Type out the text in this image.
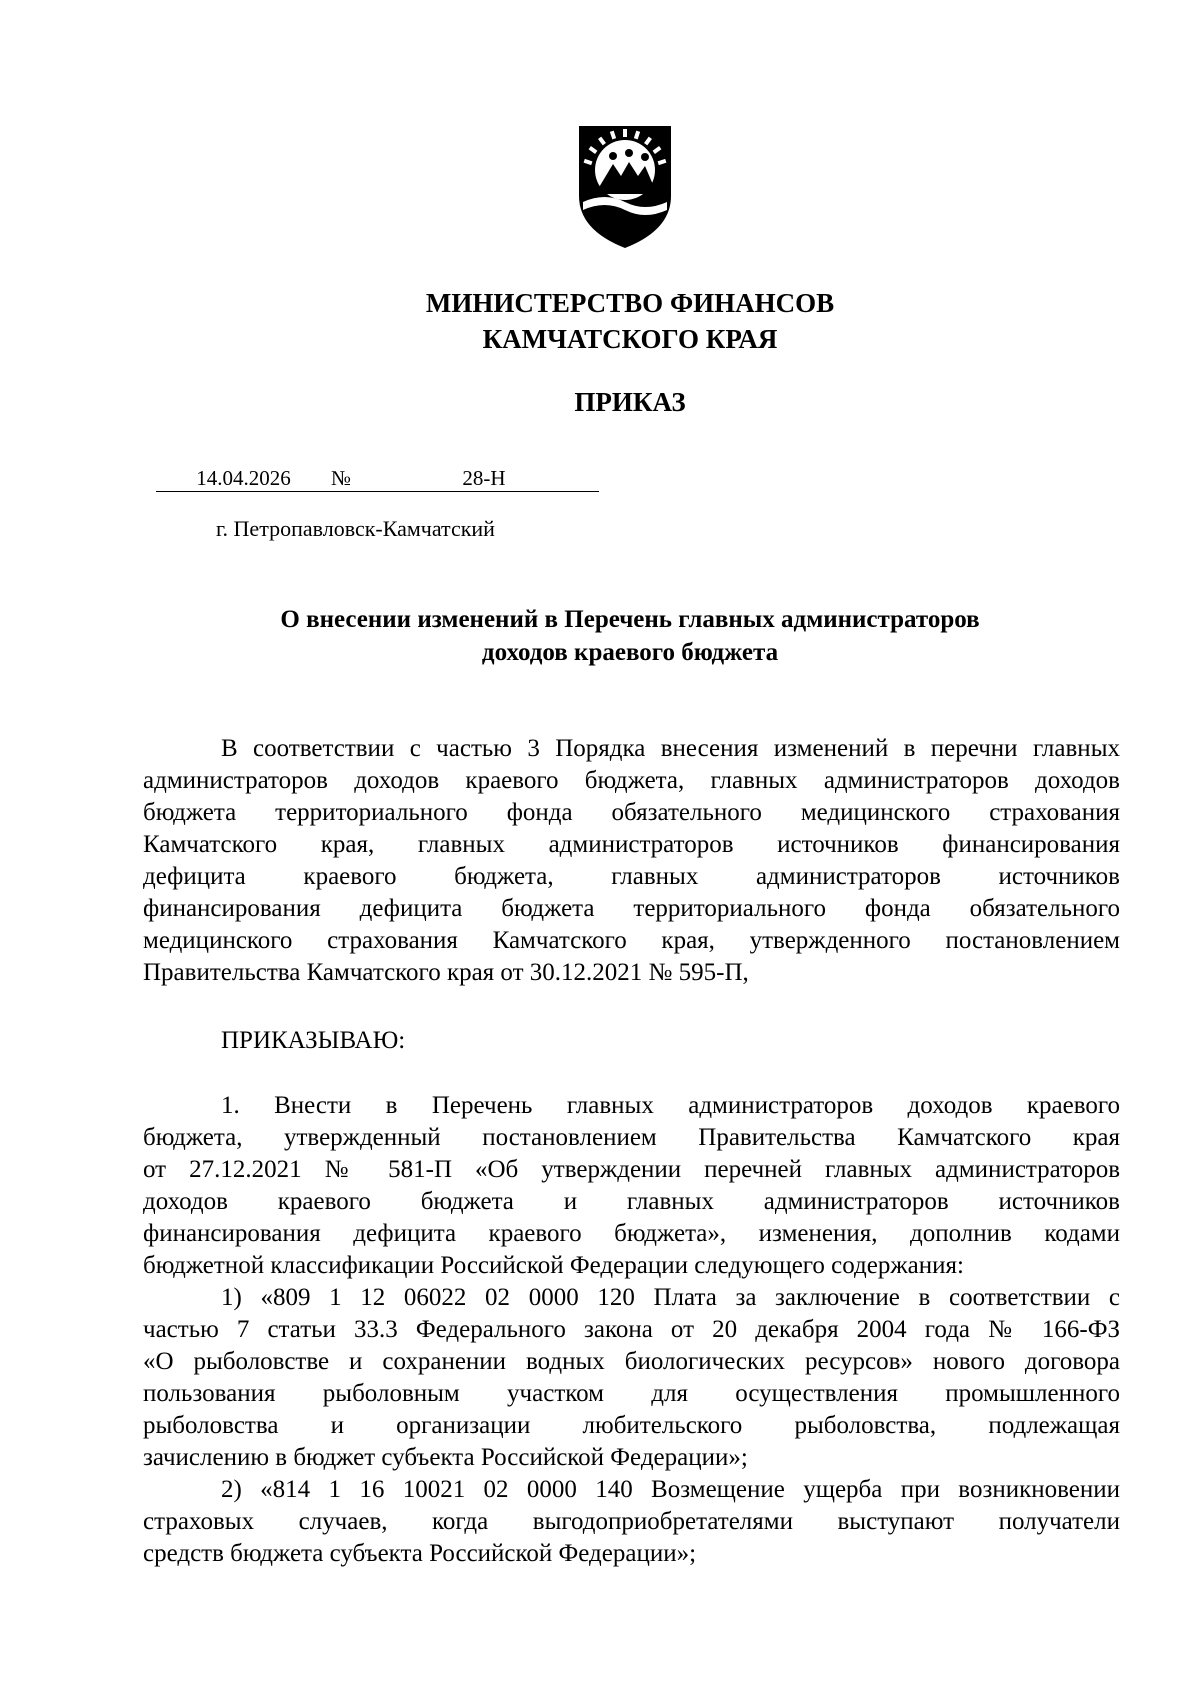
МИНИСТЕРСТВО ФИНАНСОВ
КАМЧАТСКОГО КРАЯ
ПРИКАЗ
14.04.2026 №	28-Н
г. Петропавловск-Камчатский
О внесении изменений в Перечень главных администраторов
доходов краевого бюджета
В соответствии с частью 3 Порядка внесения изменений в перечни главных
администраторов доходов краевого бюджета, главных администраторов доходов
бюджета территориального фонда обязательного медицинского страхования
Камчатского края, главных администраторов источников финансирования
дефицита краевого бюджета, главных администраторов источников
финансирования дефицита бюджета территориального фонда обязательного
медицинского страхования Камчатского края, утвержденного постановлением
Правительства Камчатского края от 30.12.2021 № 595-П,
ПРИКАЗЫВАЮ:
1. Внести в Перечень главных администраторов доходов краевого
бюджета, утвержденный постановлением Правительства Камчатского края
от 27.12.2021 № 581-П «Об утверждении перечней главных администраторов
доходов краевого бюджета и главных администраторов источников
финансирования дефицита краевого бюджета», изменения, дополнив кодами
бюджетной классификации Российской Федерации следующего содержания:
1) «809 1 12 06022 02 0000 120 Плата за заключение в соответствии с
частью 7 статьи 33.3 Федерального закона от 20 декабря 2004 года № 166-ФЗ
«О рыболовстве и сохранении водных биологических ресурсов» нового договора
пользования рыболовным участком для осуществления промышленного
рыболовства и организации любительского рыболовства, подлежащая
зачислению в бюджет субъекта Российской Федерации»;
2) «814 1 16 10021 02 0000 140 Возмещение ущерба при возникновении
страховых случаев, когда выгодоприобретателями выступают получатели
средств бюджета субъекта Российской Федерации»;
